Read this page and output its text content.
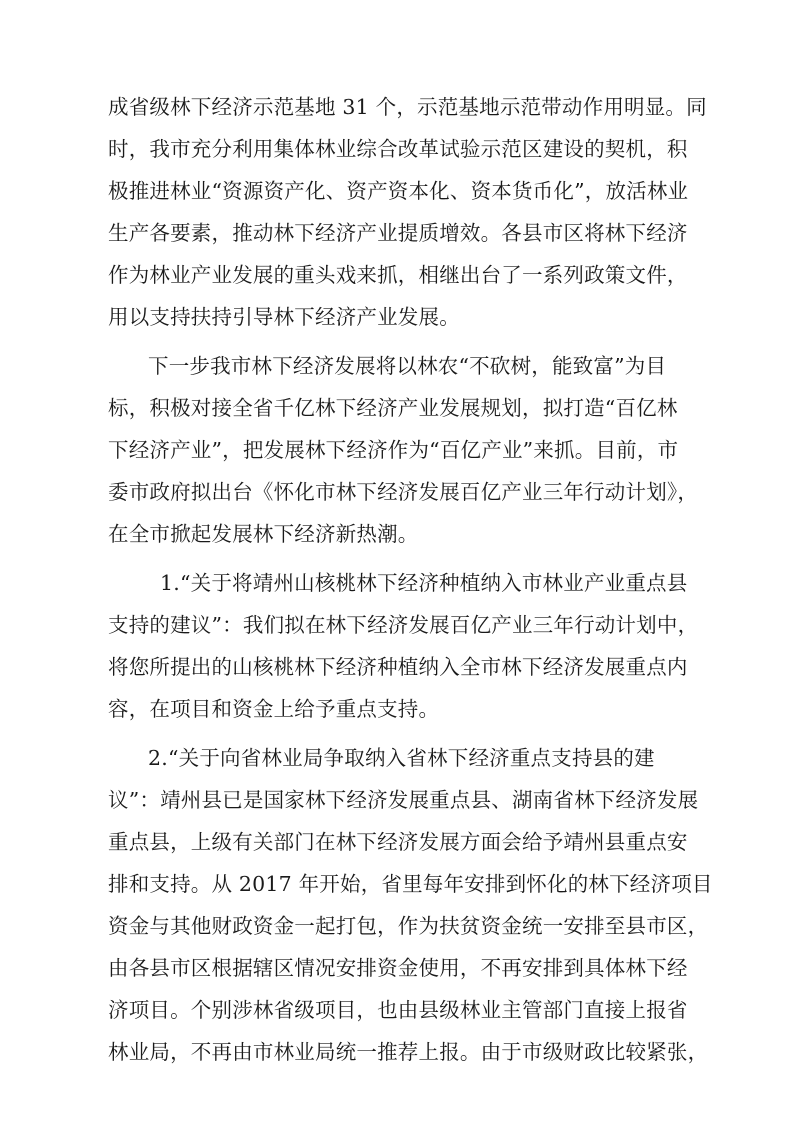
成省级林下经济示范基地 31 个，示范基地示范带动作用明显。同
时，我市充分利用集体林业综合改革试验示范区建设的契机，积
极推进林业“资源资产化、资产资本化、资本货币化”，放活林业
生产各要素，推动林下经济产业提质增效。各县市区将林下经济
作为林业产业发展的重头戏来抓，相继出台了一系列政策文件，
用以支持扶持引导林下经济产业发展。
下一步我市林下经济发展将以林农“不砍树，能致富”为目
标，积极对接全省千亿林下经济产业发展规划，拟打造“百亿林
下经济产业”，把发展林下经济作为“百亿产业”来抓。目前，市
委市政府拟出台《怀化市林下经济发展百亿产业三年行动计划》，
在全市掀起发展林下经济新热潮。
1.“关于将靖州山核桃林下经济种植纳入市林业产业重点县
支持的建议”：我们拟在林下经济发展百亿产业三年行动计划中，
将您所提出的山核桃林下经济种植纳入全市林下经济发展重点内
容，在项目和资金上给予重点支持。
2.“关于向省林业局争取纳入省林下经济重点支持县的建
议”：靖州县已是国家林下经济发展重点县、湖南省林下经济发展
重点县，上级有关部门在林下经济发展方面会给予靖州县重点安
排和支持。从 2017 年开始，省里每年安排到怀化的林下经济项目
资金与其他财政资金一起打包，作为扶贫资金统一安排至县市区，
由各县市区根据辖区情况安排资金使用，不再安排到具体林下经
济项目。个别涉林省级项目，也由县级林业主管部门直接上报省
林业局，不再由市林业局统一推荐上报。由于市级财政比较紧张，
